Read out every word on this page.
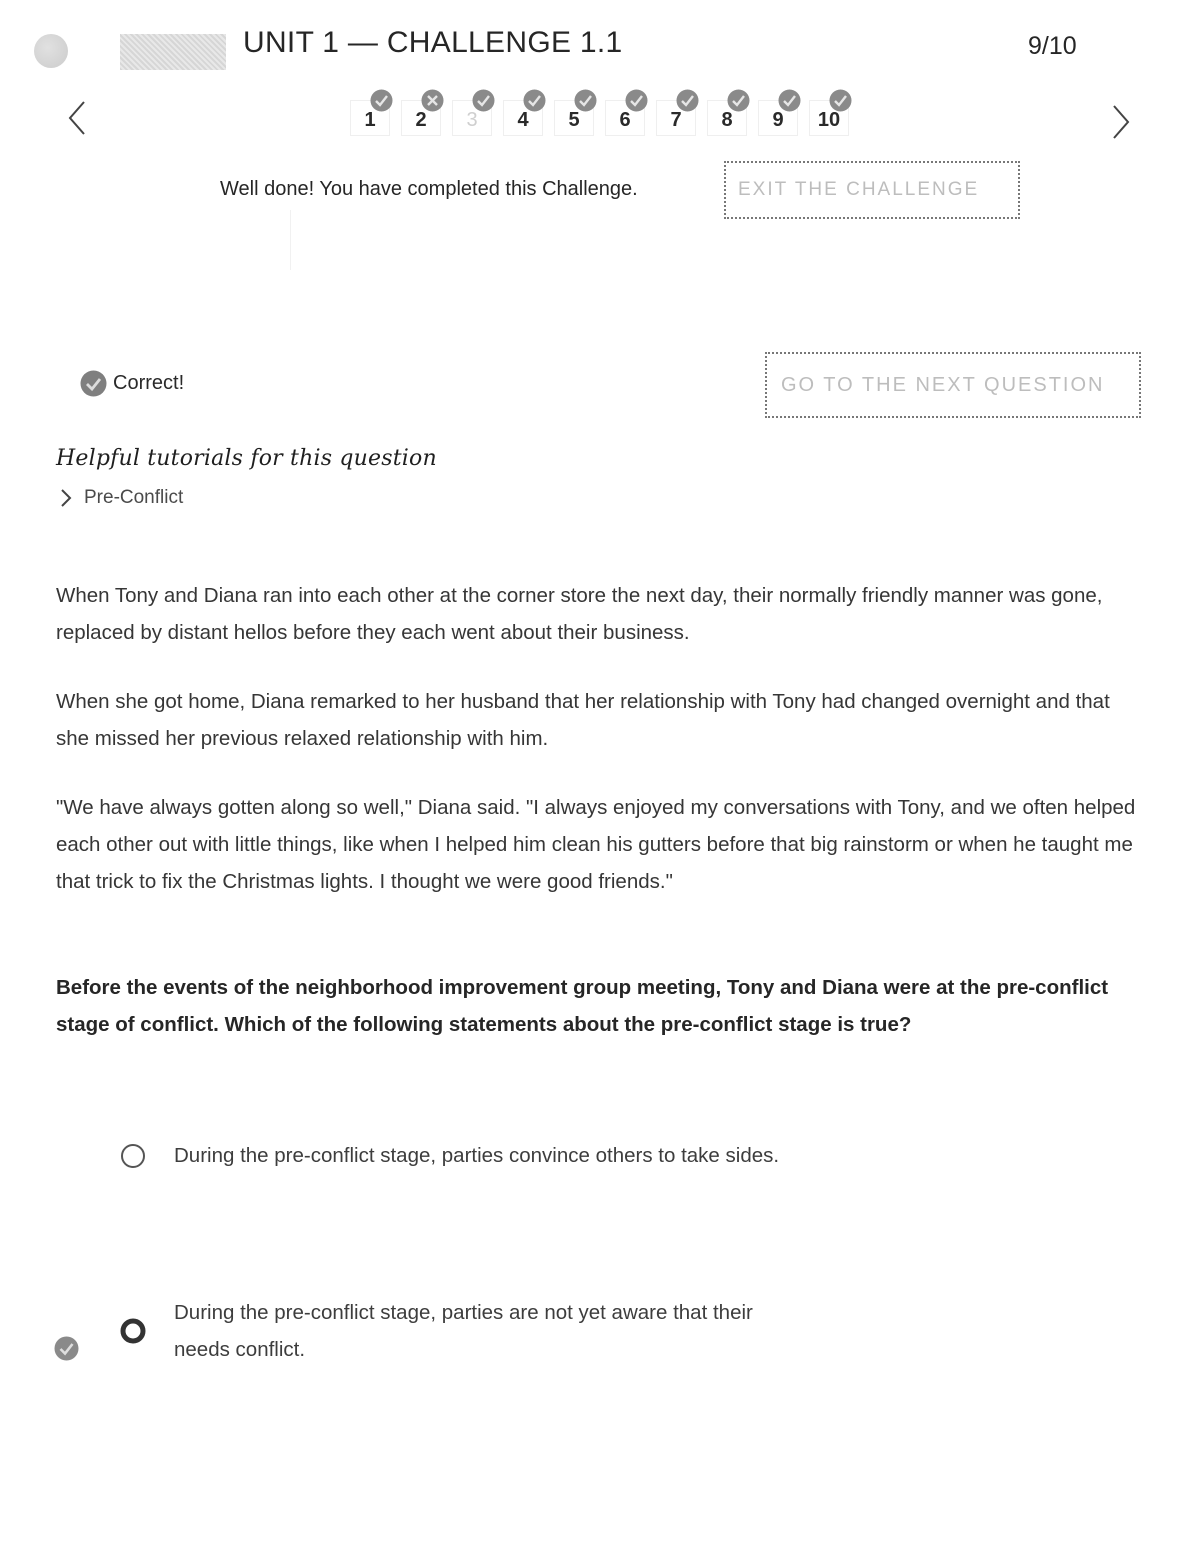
UNIT 1 — CHALLENGE 1.1	9/10
1	2	3	4	5	6	7	8	9	10
Well done! You have completed this Challenge.	EXIT THE CHALLENGE
Correct!	GO TO THE NEXT QUESTION
Helpful tutorials for this question
Pre-Conflict

When Tony and Diana ran into each other at the corner store the next day, their normally friendly manner was gone, replaced by distant hellos before they each went about their business.

When she got home, Diana remarked to her husband that her relationship with Tony had changed overnight and that she missed her previous relaxed relationship with him.

"We have always gotten along so well," Diana said. "I always enjoyed my conversations with Tony, and we often helped each other out with little things, like when I helped him clean his gutters before that big rainstorm or when he taught me that trick to fix the Christmas lights. I thought we were good friends."

Before the events of the neighborhood improvement group meeting, Tony and Diana were at the pre-conflict stage of conflict. Which of the following statements about the pre-conflict stage is true?

During the pre-conflict stage, parties convince others to take sides.
During the pre-conflict stage, parties are not yet aware that their needs conflict.
